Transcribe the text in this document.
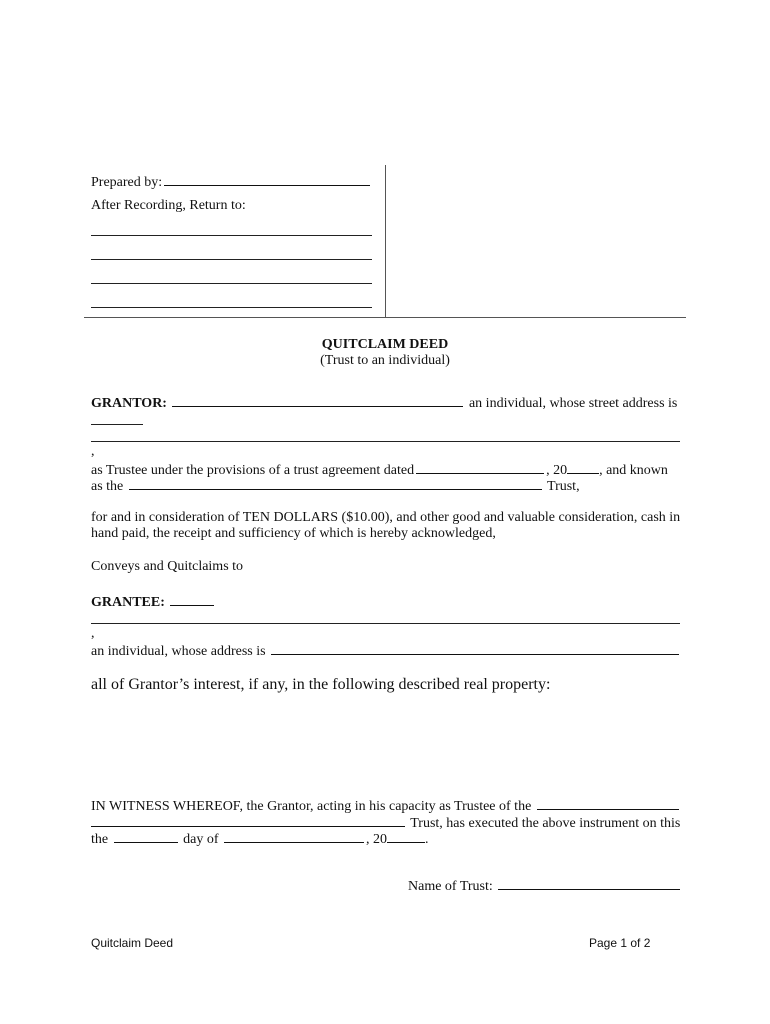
Prepared by:
After Recording, Return to:
QUITCLAIM DEED
(Trust to an individual)
GRANTOR:	an individual, whose street address is
,
as Trustee under the provisions of a trust agreement dated	, 20 , and known
as the	Trust,
for and in consideration of TEN DOLLARS ($10.00), and other good and valuable consideration, cash in
hand paid, the receipt and sufficiency of which is hereby acknowledged,
Conveys and Quitclaims to
GRANTEE:
,
an individual, whose address is
all of Grantor’s interest, if any, in the following described real property:
IN WITNESS WHEREOF, the Grantor, acting in his capacity as Trustee of the
Trust, has executed the above instrument on this
the	day of	, 20	.
Name of Trust:
Quitclaim Deed	Page 1 of 2
